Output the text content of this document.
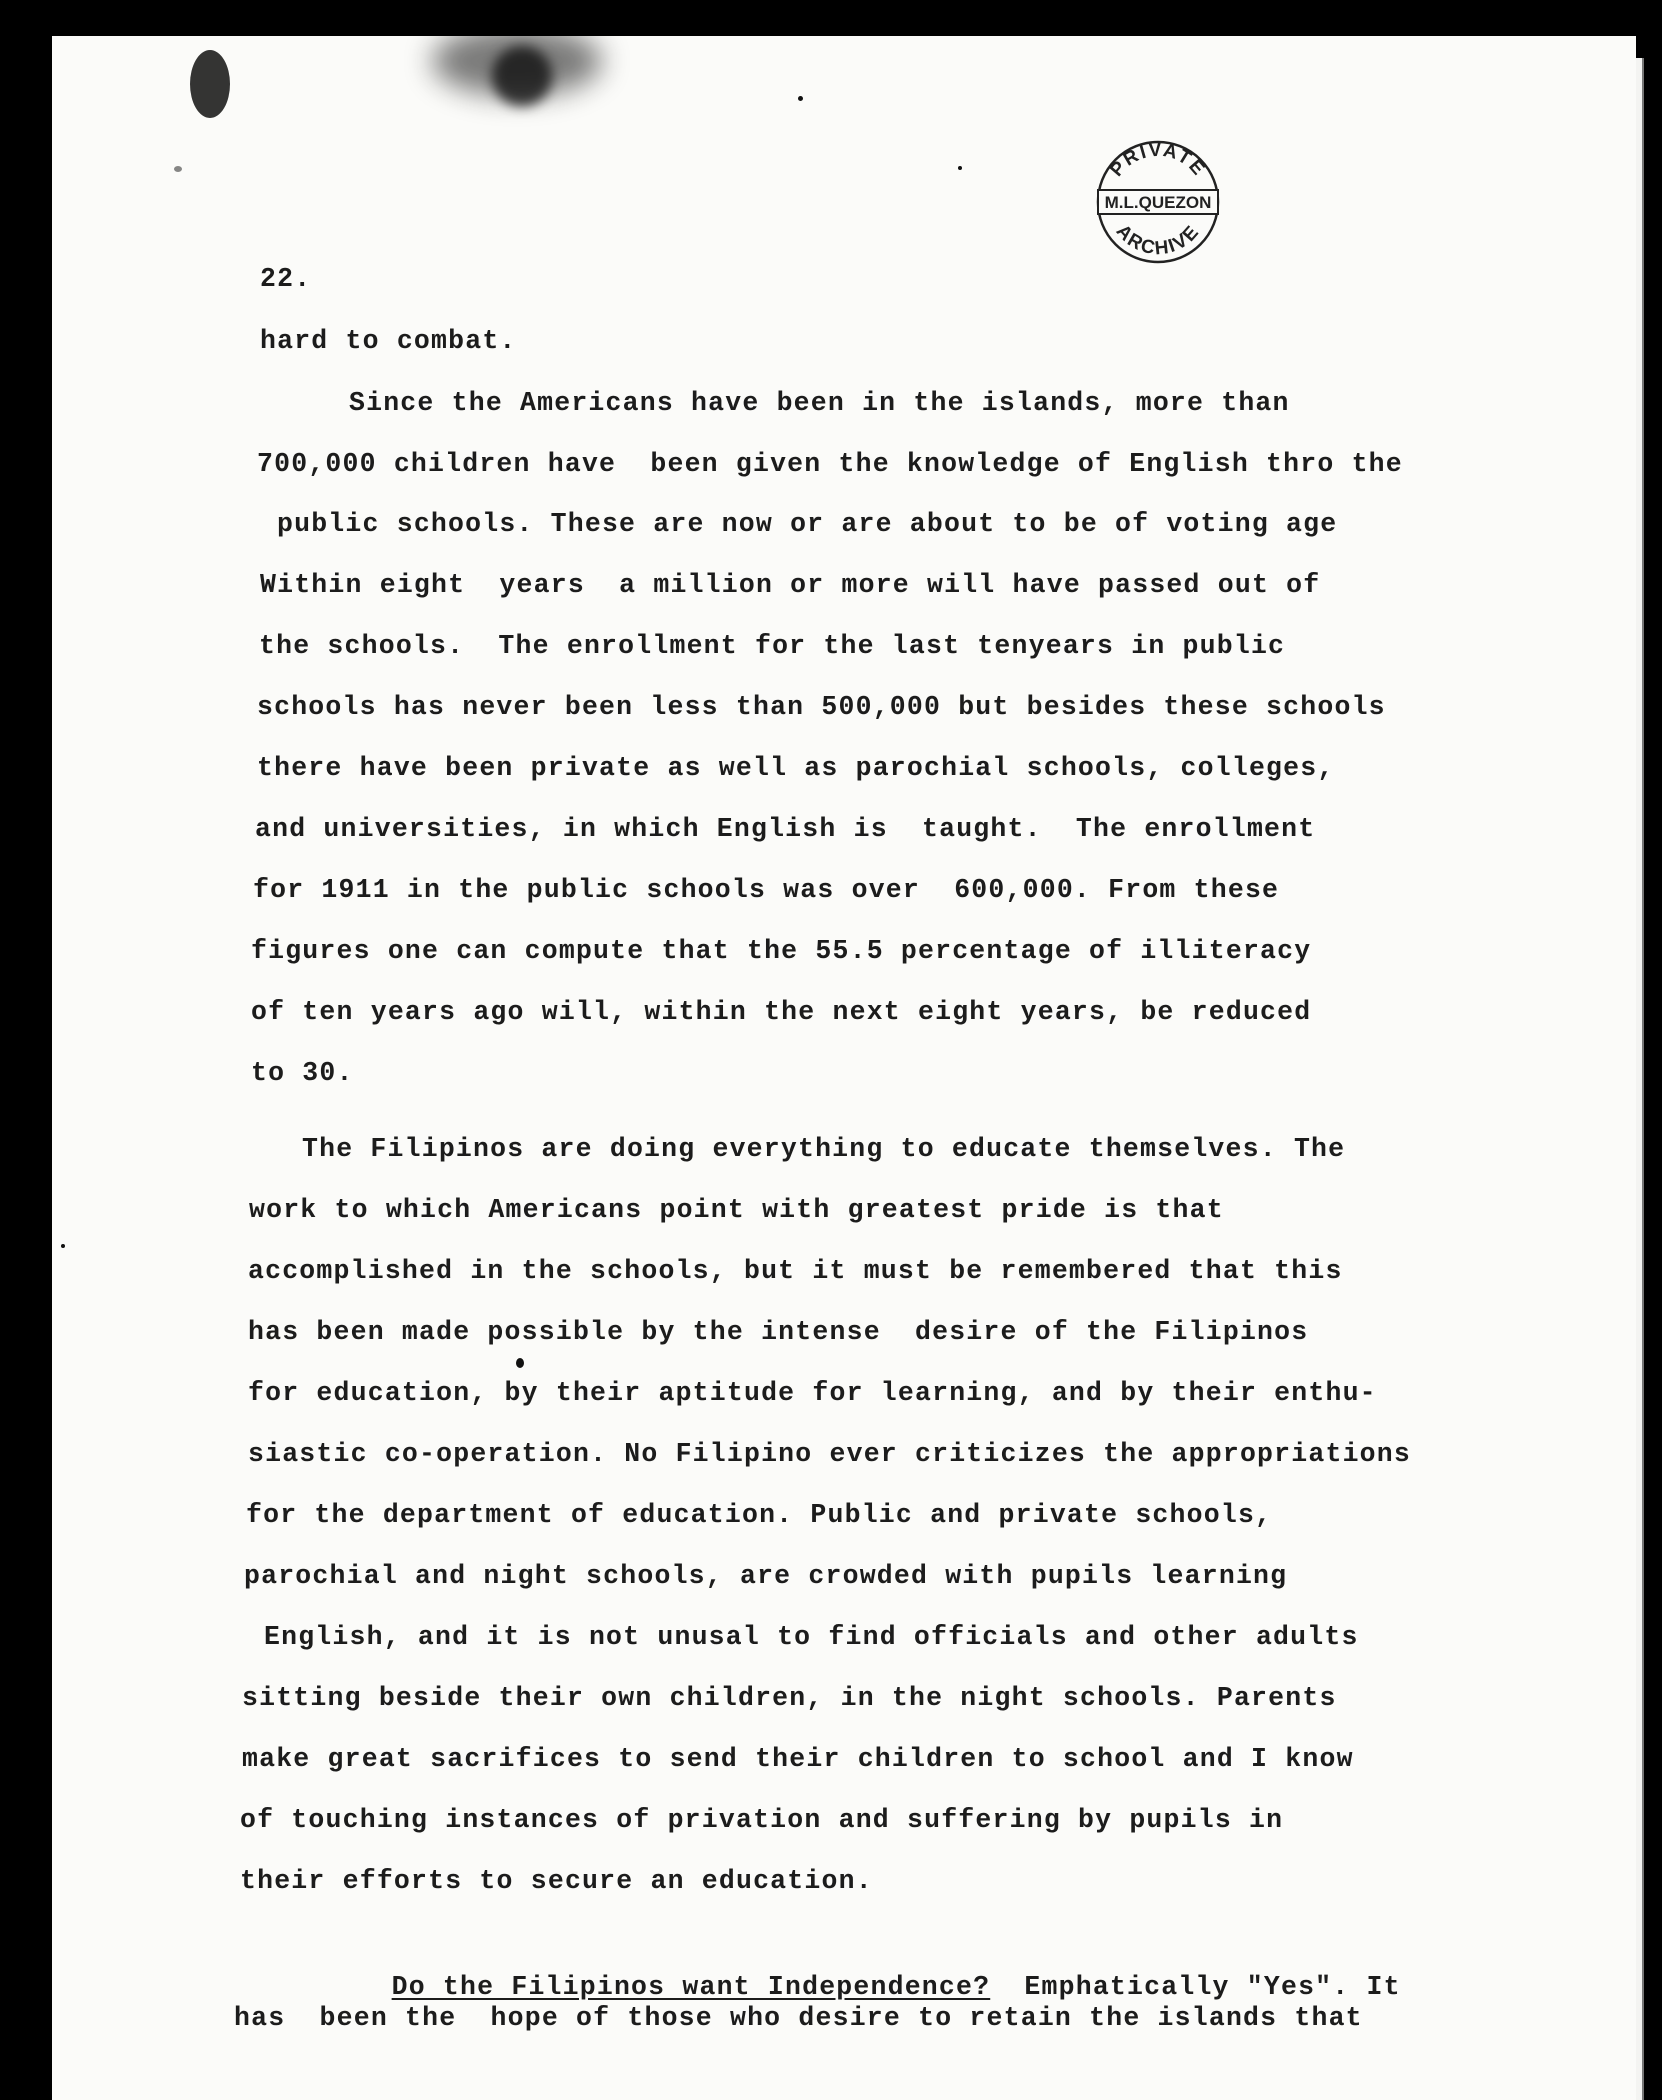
PRIVATE
M.L.QUEZON
ARCHIVE
22.
hard to combat.
Since the Americans have been in the islands, more than
700,000 children have  been given the knowledge of English thro the
public schools. These are now or are about to be of voting age
Within eight  years  a million or more will have passed out of
the schools.  The enrollment for the last tenyears in public
schools has never been less than 500,000 but besides these schools
there have been private as well as parochial schools, colleges,
and universities, in which English is  taught.  The enrollment
for 1911 in the public schools was over  600,000. From these
figures one can compute that the 55.5 percentage of illiteracy
of ten years ago will, within the next eight years, be reduced
to 30.
The Filipinos are doing everything to educate themselves. The
work to which Americans point with greatest pride is that
accomplished in the schools, but it must be remembered that this
has been made possible by the intense  desire of the Filipinos
for education, by their aptitude for learning, and by their enthu-
siastic co-operation. No Filipino ever criticizes the appropriations
for the department of education. Public and private schools,
parochial and night schools, are crowded with pupils learning
English, and it is not unusal to find officials and other adults
sitting beside their own children, in the night schools. Parents
make great sacrifices to send their children to school and I know
of touching instances of privation and suffering by pupils in
their efforts to secure an education.

Do the Filipinos want Independence?  Emphatically "Yes". It

has  been the  hope of those who desire to retain the islands that
